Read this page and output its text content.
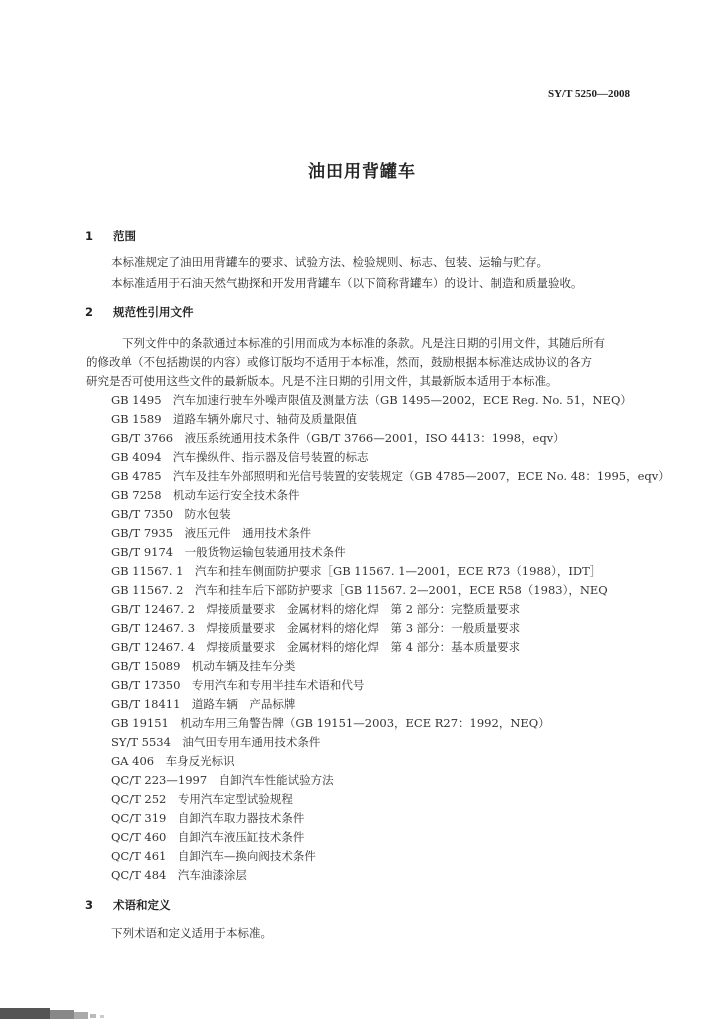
SY/T 5250—2008
油田用背罐车
1 范围
本标准规定了油田用背罐车的要求、试验方法、检验规则、标志、包装、运输与贮存。
本标准适用于石油天然气勘探和开发用背罐车（以下简称背罐车）的设计、制造和质量验收。
2 规范性引用文件
下列文件中的条款通过本标准的引用而成为本标准的条款。凡是注日期的引用文件，其随后所有
的修改单（不包括勘误的内容）或修订版均不适用于本标准，然而，鼓励根据本标准达成协议的各方
研究是否可使用这些文件的最新版本。凡是不注日期的引用文件，其最新版本适用于本标准。
GB 1495　汽车加速行驶车外噪声限值及测量方法（GB 1495—2002，ECE Reg. No. 51，NEQ）
GB 1589　道路车辆外廓尺寸、轴荷及质量限值
GB/T 3766　液压系统通用技术条件（GB/T 3766—2001，ISO 4413：1998，eqv）
GB 4094　汽车操纵件、指示器及信号装置的标志
GB 4785　汽车及挂车外部照明和光信号装置的安装规定（GB 4785—2007，ECE No. 48：1995，eqv）
GB 7258　机动车运行安全技术条件
GB/T 7350　防水包装
GB/T 7935　液压元件　通用技术条件
GB/T 9174　一般货物运输包装通用技术条件
GB 11567. 1　汽车和挂车侧面防护要求［GB 11567. 1—2001，ECE R73（1988），IDT］
GB 11567. 2　汽车和挂车后下部防护要求［GB 11567. 2—2001，ECE R58（1983），NEQ
GB/T 12467. 2　焊接质量要求　金属材料的熔化焊　第 2 部分：完整质量要求
GB/T 12467. 3　焊接质量要求　金属材料的熔化焊　第 3 部分：一般质量要求
GB/T 12467. 4　焊接质量要求　金属材料的熔化焊　第 4 部分：基本质量要求
GB/T 15089　机动车辆及挂车分类
GB/T 17350　专用汽车和专用半挂车术语和代号
GB/T 18411　道路车辆　产品标牌
GB 19151　机动车用三角警告牌（GB 19151—2003，ECE R27：1992，NEQ）
SY/T 5534　油气田专用车通用技术条件
GA 406　车身反光标识
QC/T 223—1997　自卸汽车性能试验方法
QC/T 252　专用汽车定型试验规程
QC/T 319　自卸汽车取力器技术条件
QC/T 460　自卸汽车液压缸技术条件
QC/T 461　自卸汽车—换向阀技术条件
QC/T 484　汽车油漆涂层
3 术语和定义
下列术语和定义适用于本标准。
